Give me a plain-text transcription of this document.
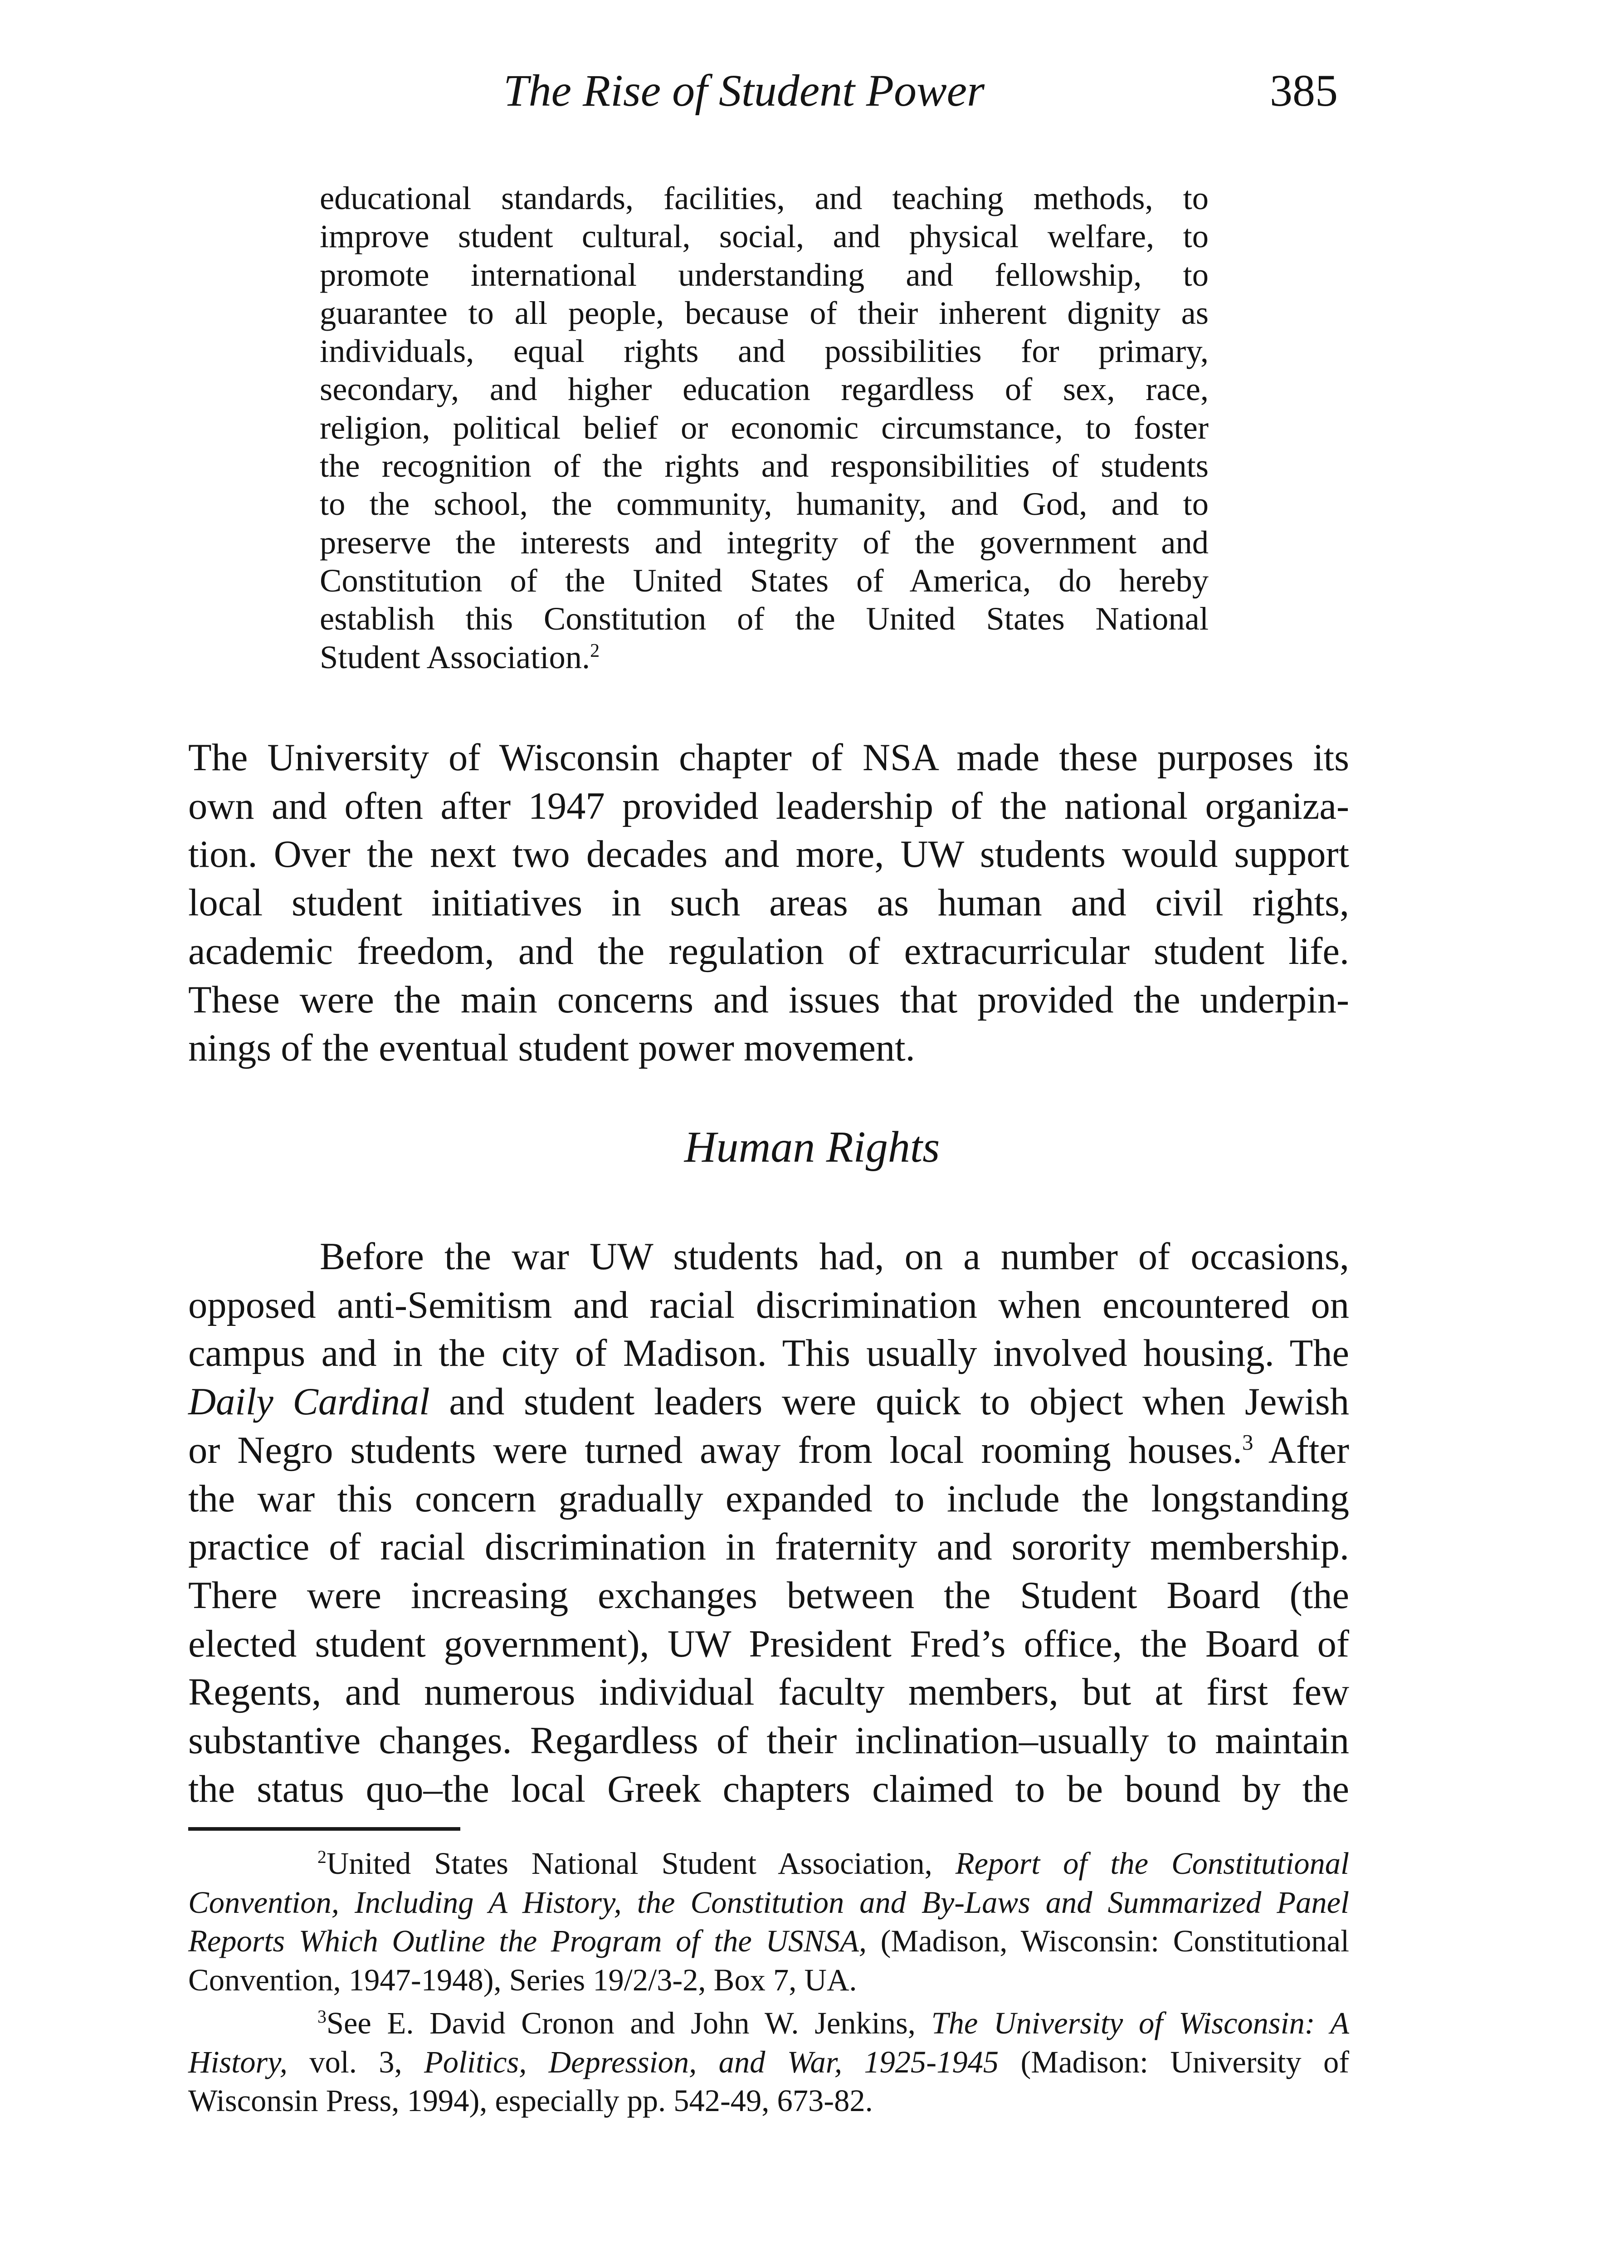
The Rise of Student Power	385
educational standards, facilities, and teaching methods, to
improve student cultural, social, and physical welfare, to
promote international understanding and fellowship, to
guarantee to all people, because of their inherent dignity as
individuals, equal rights and possibilities for primary,
secondary, and higher education regardless of sex, race,
religion, political belief or economic circumstance, to foster
the recognition of the rights and responsibilities of students
to the school, the community, humanity, and God, and to
preserve the interests and integrity of the government and
Constitution of the United States of America, do hereby
establish this Constitution of the United States National
Student Association.$^2$
The University of Wisconsin chapter of NSA made these purposes its
own and often after 1947 provided leadership of the national organiza-
tion. Over the next two decades and more, UW students would support
local student initiatives in such areas as human and civil rights,
academic freedom, and the regulation of extracurricular student life.
These were the main concerns and issues that provided the underpin-
nings of the eventual student power movement.
Human Rights
Before the war UW students had, on a number of occasions,
opposed anti-Semitism and racial discrimination when encountered on
campus and in the city of Madison. This usually involved housing. The
Daily Cardinal and student leaders were quick to object when Jewish
or Negro students were turned away from local rooming houses.$^3$ After
the war this concern gradually expanded to include the longstanding
practice of racial discrimination in fraternity and sorority membership.
There were increasing exchanges between the Student Board (the
elected student government), UW President Fred’s office, the Board of
Regents, and numerous individual faculty members, but at first few
substantive changes. Regardless of their inclination–usually to maintain
the status quo–the local Greek chapters claimed to be bound by the
$^2$United States National Student Association, Report of the Constitutional
Convention, Including A History, the Constitution and By-Laws and Summarized Panel
Reports Which Outline the Program of the USNSA, (Madison, Wisconsin: Constitutional
Convention, 1947-1948), Series 19/2/3-2, Box 7, UA.
$^3$See E. David Cronon and John W. Jenkins, The University of Wisconsin: A
History, vol. 3, Politics, Depression, and War, 1925-1945 (Madison: University of
Wisconsin Press, 1994), especially pp. 542-49, 673-82.
